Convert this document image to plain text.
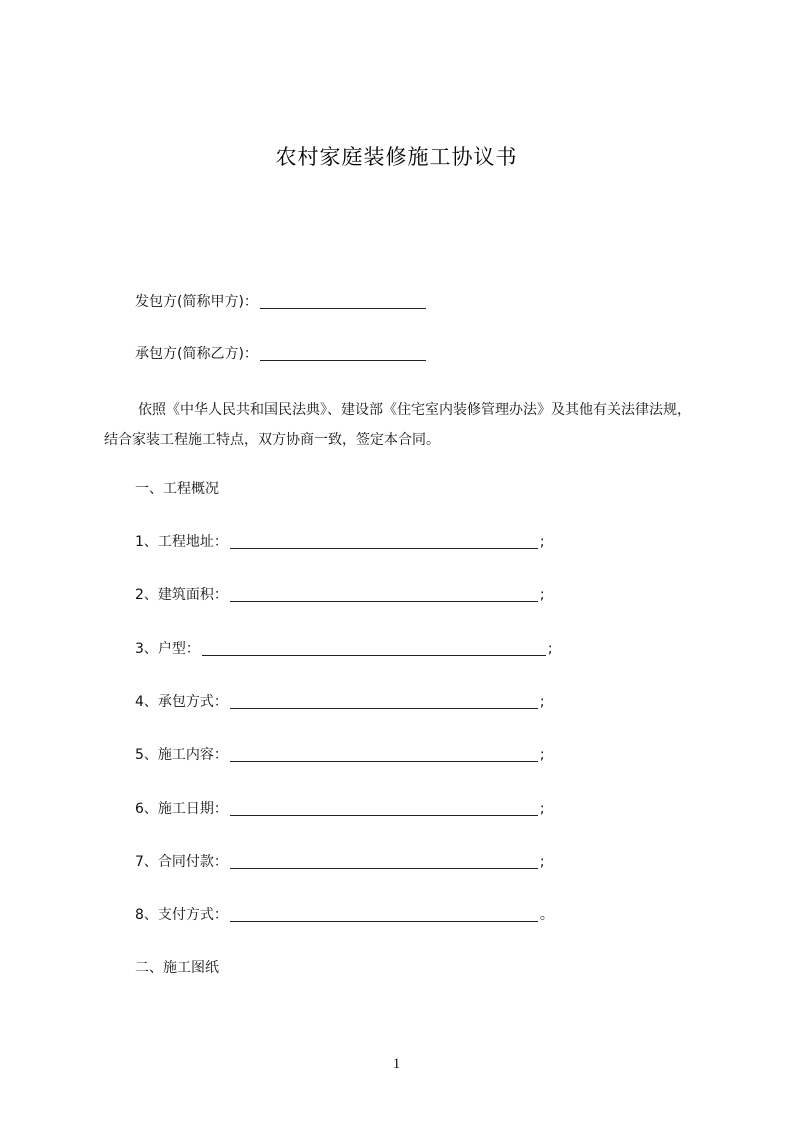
农村家庭装修施工协议书
发包方(简称甲方)：
承包方(简称乙方)：
依照《中华人民共和国民法典》、建设部《住宅室内装修管理办法》及其他有关法律法规，结合家装工程施工特点，双方协商一致，签定本合同。
一、工程概况
1、工程地址：	;
2、建筑面积：	;
3、户型：	;
4、承包方式：	;
5、施工内容：	;
6、施工日期：	;
7、合同付款：	;
8、支付方式：	。
二、施工图纸
1
